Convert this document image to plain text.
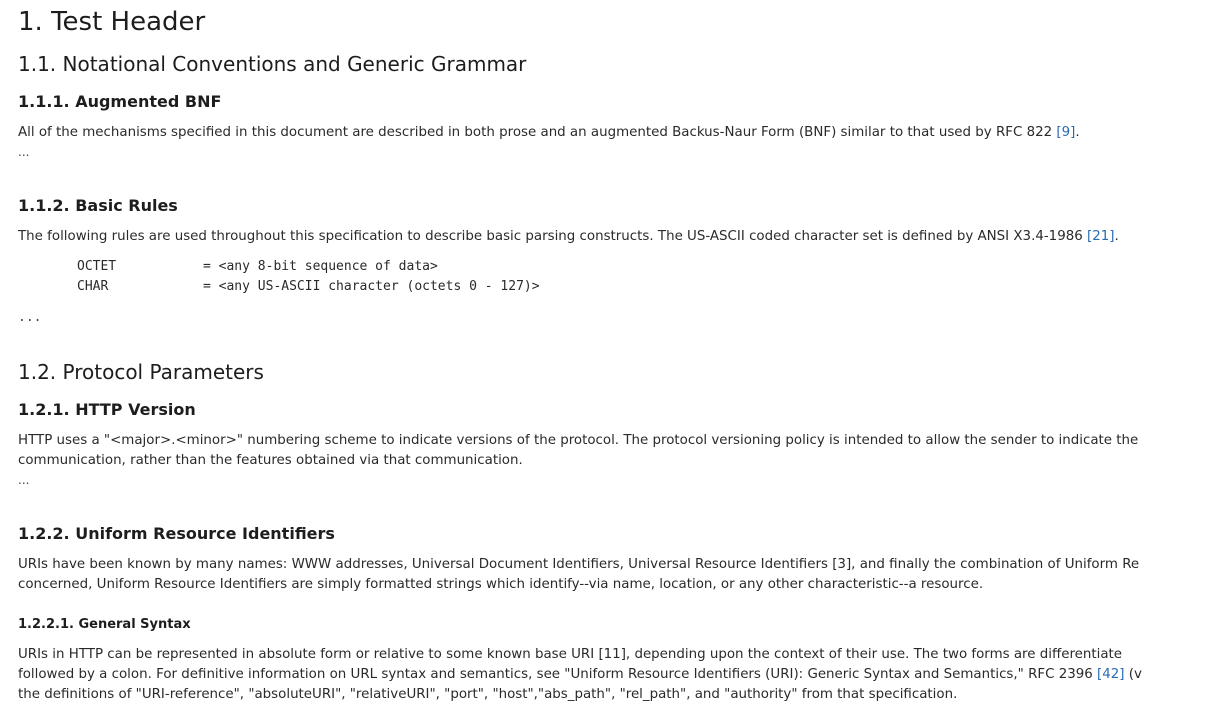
1. Test Header
1.1. Notational Conventions and Generic Grammar
1.1.1. Augmented BNF
All of the mechanisms specified in this document are described in both prose and an augmented Backus-Naur Form (BNF) similar to that used by RFC 822 [9].
...
1.1.2. Basic Rules
The following rules are used throughout this specification to describe basic parsing constructs. The US-ASCII coded character set is defined by ANSI X3.4-1986 [21].
OCTET	= <any 8-bit sequence of data>
CHAR	= <any US-ASCII character (octets 0 - 127)>
...
1.2. Protocol Parameters
1.2.1. HTTP Version
HTTP uses a "<major>.<minor>" numbering scheme to indicate versions of the protocol. The protocol versioning policy is intended to allow the sender to indicate the
communication, rather than the features obtained via that communication.
...
1.2.2. Uniform Resource Identifiers
URIs have been known by many names: WWW addresses, Universal Document Identifiers, Universal Resource Identifiers [3], and finally the combination of Uniform Re
concerned, Uniform Resource Identifiers are simply formatted strings which identify--via name, location, or any other characteristic--a resource.
1.2.2.1. General Syntax
URIs in HTTP can be represented in absolute form or relative to some known base URI [11], depending upon the context of their use. The two forms are differentiate
followed by a colon. For definitive information on URL syntax and semantics, see "Uniform Resource Identifiers (URI): Generic Syntax and Semantics," RFC 2396 [42] (v
the definitions of "URI-reference", "absoluteURI", "relativeURI", "port", "host","abs_path", "rel_path", and "authority" from that specification.
